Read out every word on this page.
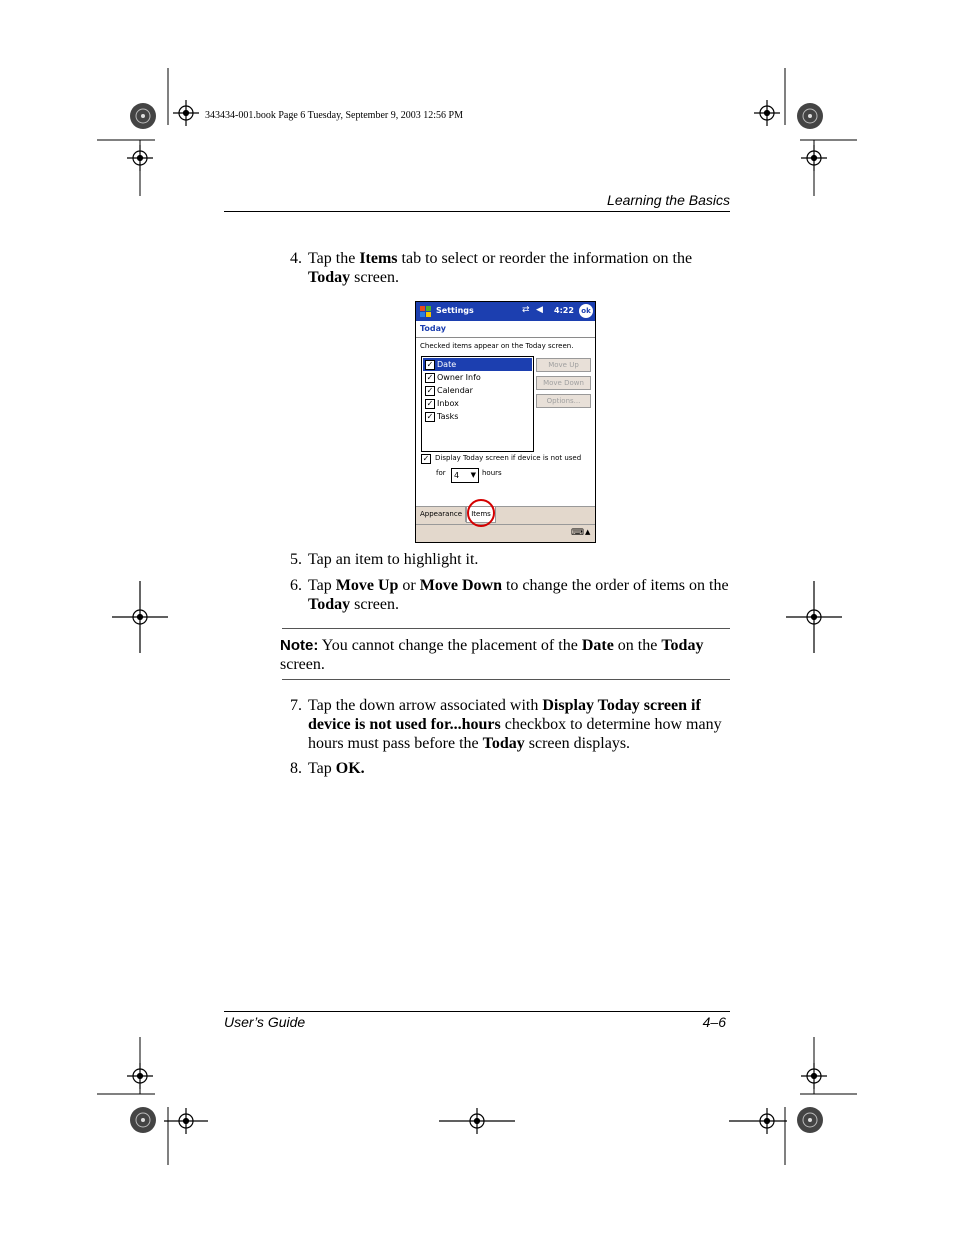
343434-001.book Page 6 Tuesday, September 9, 2003 12:56 PM
Learning the Basics
4. Tap the Items tab to select or reorder the information on the Today screen.
Settings	⇄ ◀ 4:22	ok
Today
Checked items appear on the Today screen.
✓ Date
✓ Owner Info
✓ Calendar
✓ Inbox
✓ Tasks
Move Up
Move Down
Options...
✓ Display Today screen if device is not used
for 4 ▼ hours
Appearance	Items
⌨ ▲
5. Tap an item to highlight it.
6. Tap Move Up or Move Down to change the order of items on the Today screen.
Note: You cannot change the placement of the Date on the Today screen.
7. Tap the down arrow associated with Display Today screen if device is not used for...hours checkbox to determine how many hours must pass before the Today screen displays.
8. Tap OK.
User’s Guide	4–6
